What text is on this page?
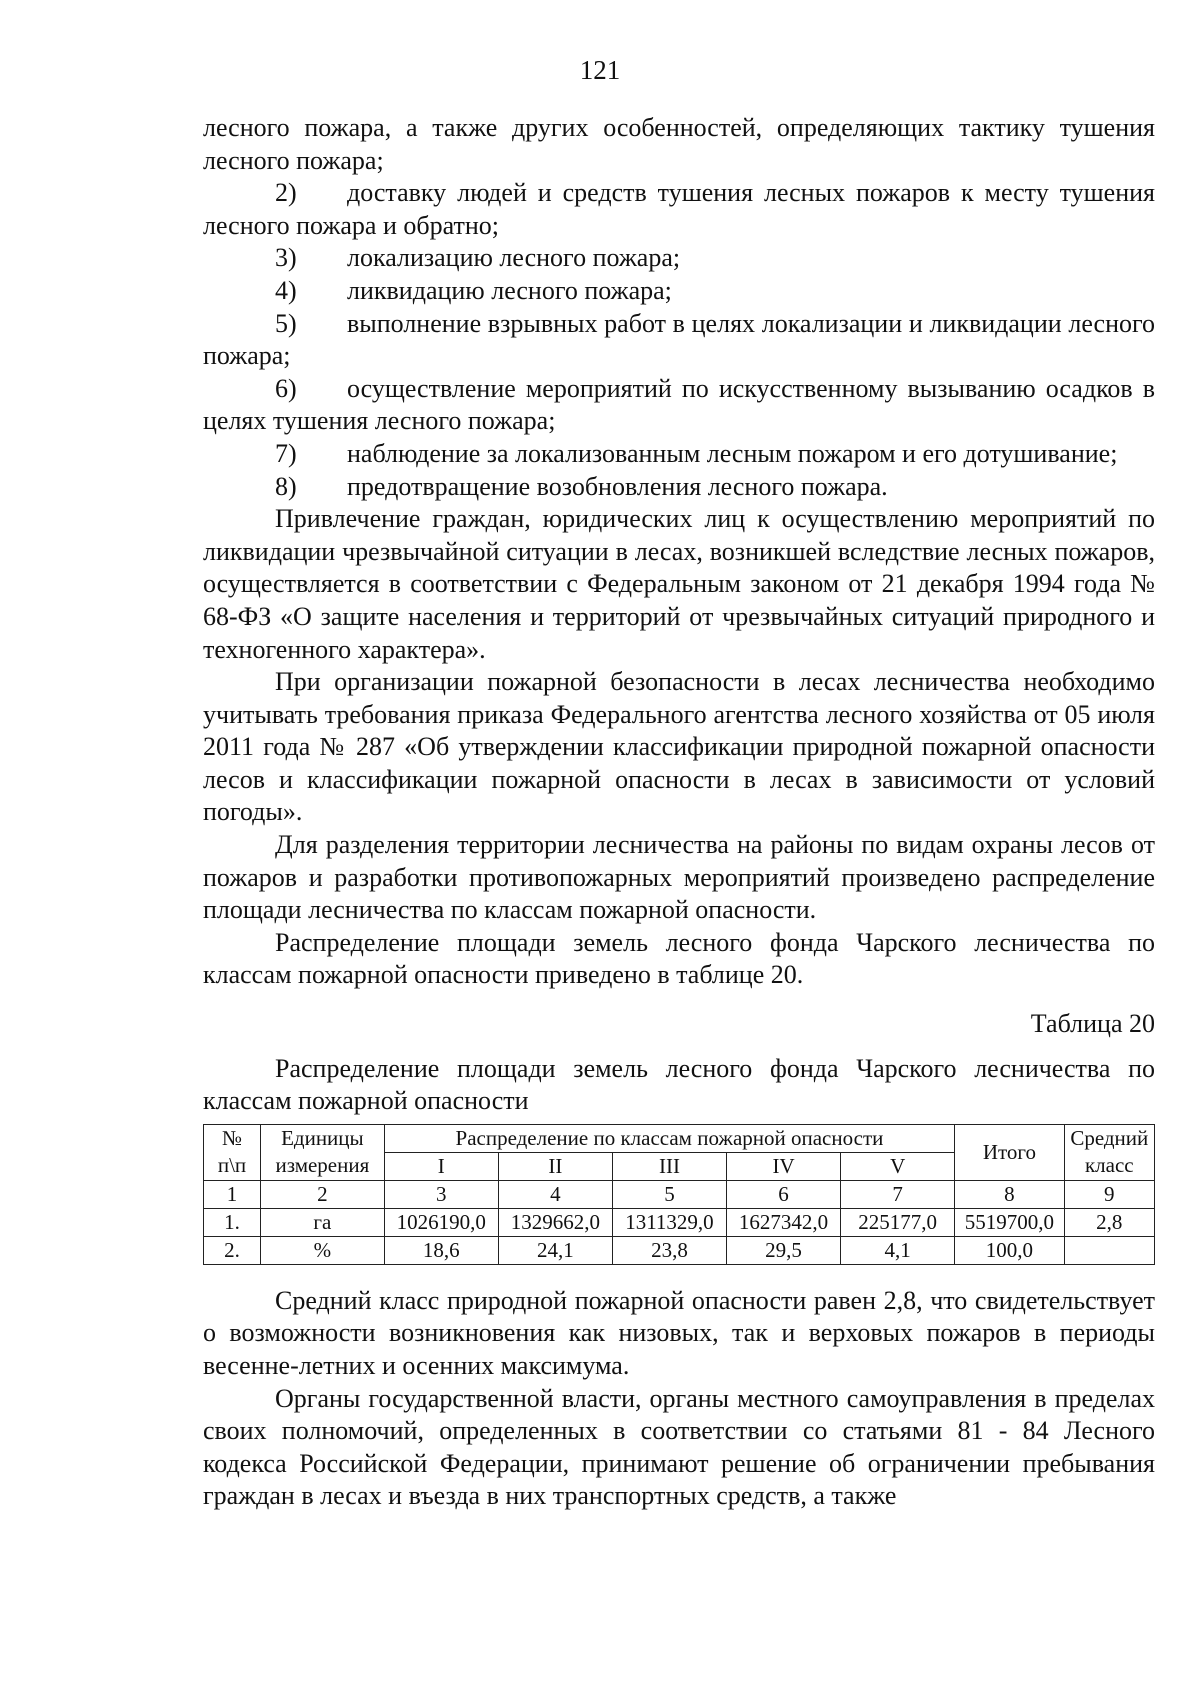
121

лесного пожара, а также других особенностей, определяющих тактику тушения лесного пожара;

2) доставку людей и средств тушения лесных пожаров к месту тушения лесного пожара и обратно;

3) локализацию лесного пожара;

4) ликвидацию лесного пожара;

5) выполнение взрывных работ в целях локализации и ликвидации лесного пожара;

6) осуществление мероприятий по искусственному вызыванию осадков в целях тушения лесного пожара;

7) наблюдение за локализованным лесным пожаром и его дотушивание;

8) предотвращение возобновления лесного пожара.

Привлечение граждан, юридических лиц к осуществлению мероприятий по ликвидации чрезвычайной ситуации в лесах, возникшей вследствие лесных пожаров, осуществляется в соответствии с Федеральным законом от 21 декабря 1994 года № 68-ФЗ «О защите населения и территорий от чрезвычайных ситуаций природного и техногенного характера».

При организации пожарной безопасности в лесах лесничества необходимо учитывать требования приказа Федерального агентства лесного хозяйства от 05 июля 2011 года № 287 «Об утверждении классификации природной пожарной опасности лесов и классификации пожарной опасности в лесах в зависимости от условий погоды».

Для разделения территории лесничества на районы по видам охраны лесов от пожаров и разработки противопожарных мероприятий произведено распределение площади лесничества по классам пожарной опасности.

Распределение площади земель лесного фонда Чарского лесничества по классам пожарной опасности приведено в таблице 20.

Таблица 20

Распределение площади земель лесного фонда Чарского лесничества по классам пожарной опасности

№ п\п	Единицы измерения	Распределение по классам пожарной опасности					Итого	Средний класс
		I	II	III	IV	V		
1	2	3	4	5	6	7	8	9
1.	га	1026190,0	1329662,0	1311329,0	1627342,0	225177,0	5519700,0	2,8
2.	%	18,6	24,1	23,8	29,5	4,1	100,0	

Средний класс природной пожарной опасности равен 2,8, что свидетельствует о возможности возникновения как низовых, так и верховых пожаров в периоды весенне-летних и осенних максимума.

Органы государственной власти, органы местного самоуправления в пределах своих полномочий, определенных в соответствии со статьями 81 - 84 Лесного кодекса Российской Федерации, принимают решение об ограничении пребывания граждан в лесах и въезда в них транспортных средств, а также
